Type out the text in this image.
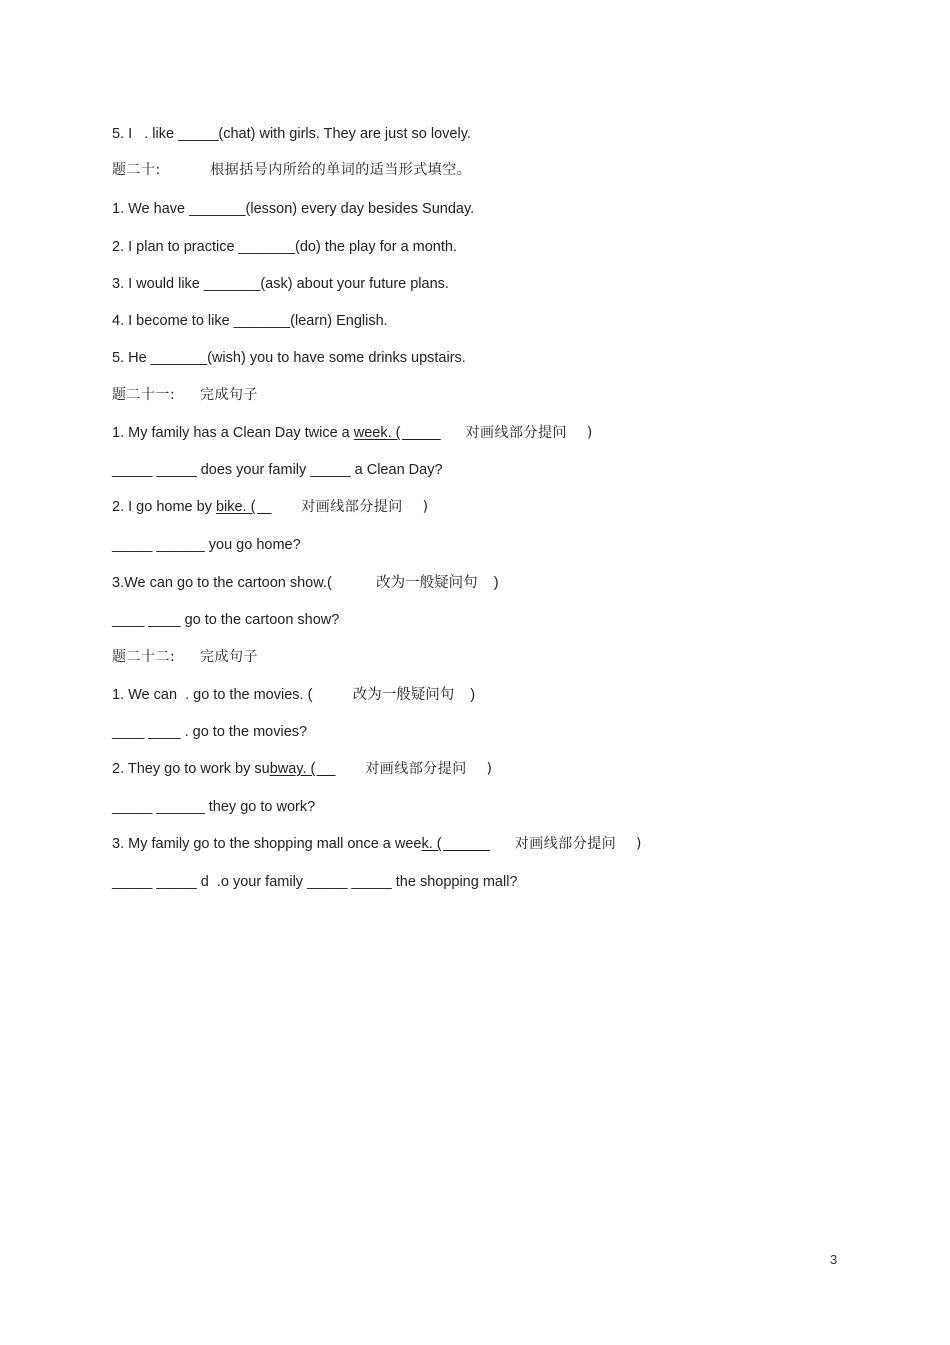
5. I   . like _____(chat) with girls. They are just so lovely.
题二十:          根据括号内所给的单词的适当形式填空。
1. We have _______(lesson) every day besides Sunday.
2. I plan to practice _______(do) the play for a month.
3. I would like _______(ask) about your future plans.
4. I become to like _______(learn) English.
5. He _______(wish) you to have some drinks upstairs.
题二十一:     完成句子
1. My family has a Clean Day twice a week. (               对画线部分提问    )
_____ _____ does your family _____ a Clean Day?
2. I go home by bike. (          对画线部分提问    )
_____ ______ you go home?
3.We can go to the cartoon show.(           改为一般疑问句    )
____ ____ go to the cartoon show?
题二十二:     完成句子
1. We can  . go to the movies. (          改为一般疑问句    )
____ ____ . go to the movies?
2. They go to work by subway. (           对画线部分提问    )
_____ ______ they go to work?
3. My family go to the shopping mall once a week. (                 对画线部分提问    )
_____ _____ d  .o your family _____ _____ the shopping mall?
3
